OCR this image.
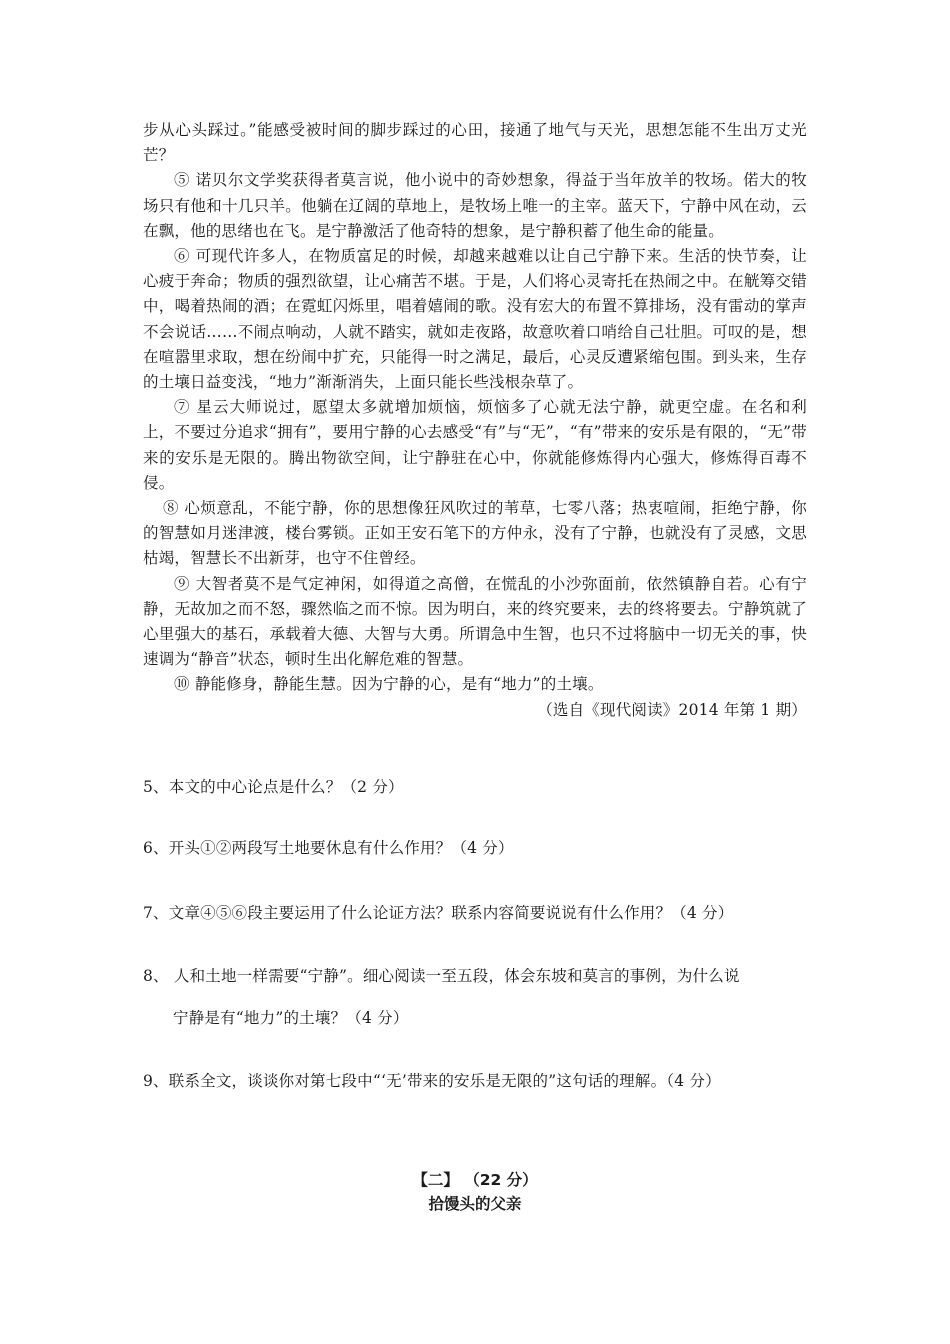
步从心头踩过。”能感受被时间的脚步踩过的心田，接通了地气与天光，思想怎能不生出万丈光芒？

⑤ 诺贝尔文学奖获得者莫言说，他小说中的奇妙想象，得益于当年放羊的牧场。偌大的牧场只有他和十几只羊。他躺在辽阔的草地上，是牧场上唯一的主宰。蓝天下，宁静中风在动，云在飘，他的思绪也在飞。是宁静激活了他奇特的想象，是宁静积蓄了他生命的能量。

⑥ 可现代许多人，在物质富足的时候，却越来越难以让自己宁静下来。生活的快节奏，让心疲于奔命；物质的强烈欲望，让心痛苦不堪。于是，人们将心灵寄托在热闹之中。在觥筹交错中，喝着热闹的酒；在霓虹闪烁里，唱着嬉闹的歌。没有宏大的布置不算排场，没有雷动的掌声不会说话……不闹点响动，人就不踏实，就如走夜路，故意吹着口哨给自己壮胆。可叹的是，想在喧嚣里求取，想在纷闹中扩充，只能得一时之满足，最后，心灵反遭紧缩包围。到头来，生存的土壤日益变浅，“地力”渐渐消失，上面只能长些浅根杂草了。

⑦ 星云大师说过，愿望太多就增加烦恼，烦恼多了心就无法宁静，就更空虚。在名和利上，不要过分追求“拥有”，要用宁静的心去感受“有”与“无”，“有”带来的安乐是有限的，“无”带来的安乐是无限的。腾出物欲空间，让宁静驻在心中，你就能修炼得内心强大，修炼得百毒不侵。

⑧ 心烦意乱，不能宁静，你的思想像狂风吹过的苇草，七零八落；热衷喧闹，拒绝宁静，你的智慧如月迷津渡，楼台雾锁。正如王安石笔下的方仲永，没有了宁静，也就没有了灵感，文思枯竭，智慧长不出新芽，也守不住曾经。

⑨ 大智者莫不是气定神闲，如得道之高僧，在慌乱的小沙弥面前，依然镇静自若。心有宁静，无故加之而不怒，骤然临之而不惊。因为明白，来的终究要来，去的终将要去。宁静筑就了心里强大的基石，承载着大德、大智与大勇。所谓急中生智，也只不过将脑中一切无关的事，快速调为“静音”状态，顿时生出化解危难的智慧。

⑩ 静能修身，静能生慧。因为宁静的心，是有“地力”的土壤。

（选自《现代阅读》2014 年第 1 期）

5、本文的中心论点是什么？（2 分）
6、开头①②两段写土地要休息有什么作用？（4 分）
7、文章④⑤⑥段主要运用了什么论证方法？联系内容简要说说有什么作用？（4 分）
8、 人和土地一样需要“宁静”。细心阅读一至五段，体会东坡和莫言的事例，为什么说
宁静是有“地力”的土壤？（4 分）
9、联系全文，谈谈你对第七段中“‘无’带来的安乐是无限的”这句话的理解。（4 分）
【二】 （22 分）
拾馒头的父亲
